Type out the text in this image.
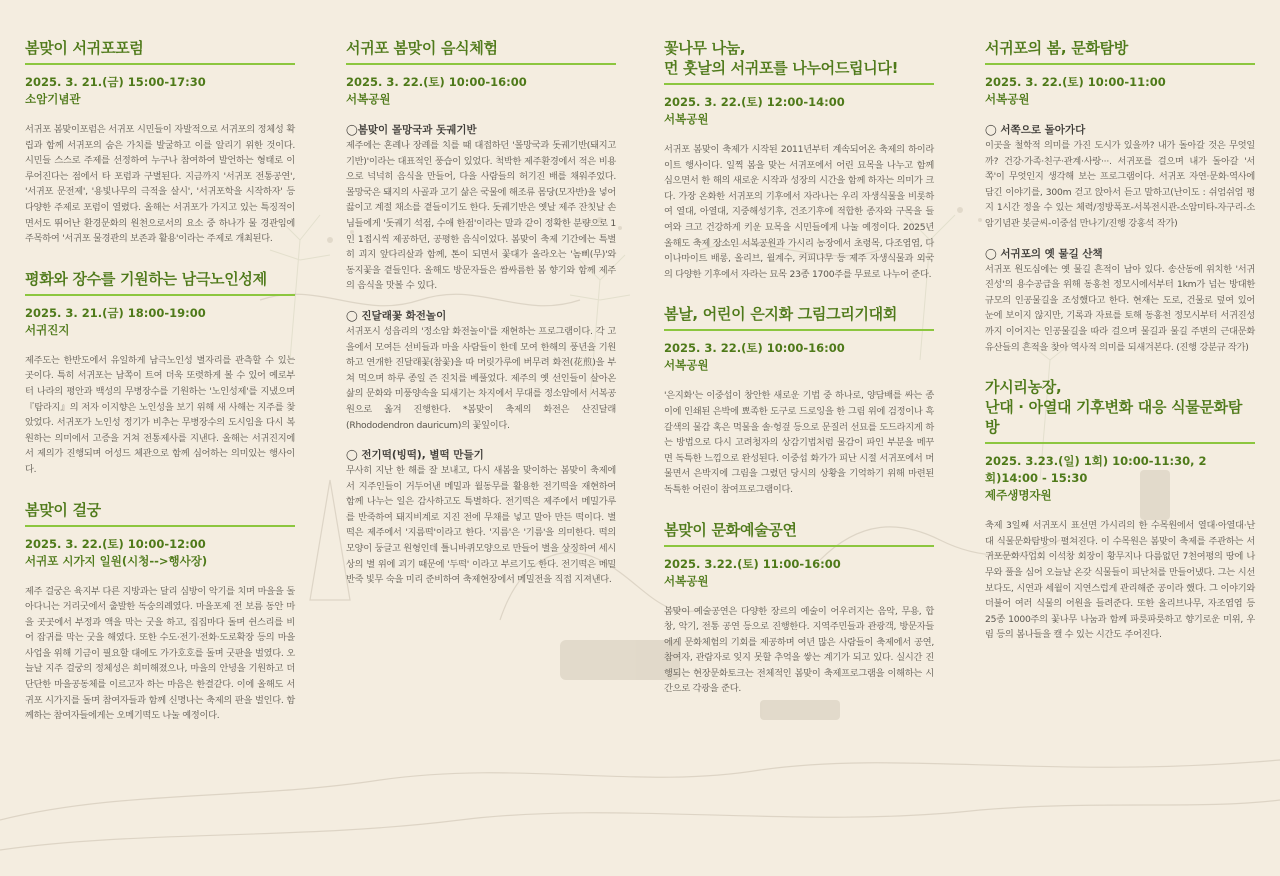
봄맞이 서귀포포럼
2025. 3. 21.(금) 15:00-17:30
소암기념관
서귀포 봄맞이포럼은 서귀포 시민들이 자발적으로 서귀포의 정체성 확립과 함께 서귀포의 숨은 가치를 발굴하고 이를 알리기 위한 것이다. 시민들 스스로 주제를 선정하여 누구나 참여하여 발언하는 형태로 이루어진다는 점에서 타 포럼과 구별된다. 지금까지 '서귀포 전통공연', '서귀포 문전제', '용빛나무의 극적을 살시', '서귀포학을 시작하자' 등 다양한 주제로 포럼이 열렸다. 올해는 서귀포가 가지고 있는 특징적이면서도 뛰어난 환경문화의 원천으로서의 요소 중 하나가 물 경관임에 주목하여 '서귀포 물경관의 보존과 활용'이라는 주제로 개최된다.
평화와 장수를 기원하는 남극노인성제
2025. 3. 21.(금) 18:00-19:00
서귀진지
제주도는 한반도에서 유일하게 남극노인성 별자리를 관측할 수 있는 곳이다. 특히 서귀포는 남쪽이 트여 더욱 또렷하게 볼 수 있어 예로부터 나라의 평안과 백성의 무병장수를 기원하는 '노인성제'를 지냈으며 『탐라지』의 저자 이지향은 노인성을 보기 위해 새 사해는 지주를 찾았었다. 서귀포가 노인성 정기가 비추는 무병장수의 도시임을 다시 복원하는 의미에서 고증을 거쳐 전통제사를 지낸다. 올해는 서귀진지에서 제의가 진행되며 어성드 체관으로 함께 심어하는 의미있는 행사이다.
봄맞이 걸궁
2025. 3. 22.(토) 10:00-12:00
서귀포 시가지 일원(시청-->행사장)
제주 걸궁은 육지부 다른 지방과는 달리 심방이 악기를 치며 마을을 돌아다니는 거리굿에서 출발한 독숭의례였다. 마을포제 전 보름 동안 마을 곳곳에서 부정과 액을 막는 굿을 하고, 집집마다 돌며 쉰스리를 비어 잡귀를 막는 굿을 해였다. 또한 수도·전기·전화·도로확장 등의 마을사업을 위해 기금이 필요할 대에도 가가호호를 돌며 굿판을 벌였다. 오늘날 지주 걸궁의 정체성은 희미해졌으나, 마을의 안녕을 기원하고 더 단단한 마을공동체를 이르고자 하는 마음은 한결같다. 이에 올해도 서귀포 시가지를 돌며 참여자들과 함께 신명나는 축제의 판을 벌인다. 함께하는 참여자들에게는 오메기떡도 나눌 예정이다.
서귀포 봄맞이 음식체험
2025. 3. 22.(토) 10:00-16:00
서복공원
◯봄맞이 몰망국과 돗궤기반
제주에는 혼례나 장례를 치를 때 대접하던 '몰망국과 돗궤기반(돼지고기반)'이라는 대표적인 풍습이 있었다. 척박한 제주환경에서 적은 비용으로 넉넉히 음식을 만들어, 다을 사람들의 허기진 배를 채워주었다. 몰망국은 돼지의 사골과 고기 삶은 국물에 해조류 몸당(모자반)을 넣어 끓이고 계절 채소를 곁들이기도 한다. 돗궤기반은 옛날 제주 잔칫날 손님들에게 '돗궤기 석점, 수애 한점'이라는 말과 같이 정확한 분량으로 1인 1접시씩 제공하던, 공평한 음식이었다. 봄맞이 축제 기간에는 특별히 괴지 앞다리살과 함께, 톤이 되면서 꽃대가 올라오는 '놈삐(무)'와 동지꽃을 곁들인다. 올해도 방문자들은 쌈싸름한 봄 향기와 함께 제주의 음식을 맛볼 수 있다.
◯ 진달래꽃 화전놀이
서귀포시 성읍리의 '정소암 화전놀이'를 재현하는 프로그램이다. 각 고을에서 모여든 선비들과 마을 사람들이 한데 모여 한해의 풍년을 기원하고 연개한 진달래꽃(참꽃)을 따 머릿가루에 버무려 화전(花煎)을 부쳐 먹으며 하루 종일 즌 진치를 베풀었다. 제주의 옛 선인들이 살아온 삶의 문화와 미풍양속을 되새기는 차지에서 무대를 정소암에서 서복공원으로 옮겨 진행한다. *봄맞이 축제의 화전은 산진달래(Rhododendron dauricum)의 꽃잎이다.
◯ 전기떡(빙떡), 별떡 만들기
무사히 지난 한 해를 잘 보내고, 다시 새봄을 맞이하는 봄맞이 축제에서 지주인들이 거두어낸 메밀과 월동무를 활용한 전기떡을 재현하여 함께 나누는 일은 감사하고도 특별하다. 전기떡은 제주에서 메밀가루를 반죽하여 돼지비계로 지진 전에 무채를 넣고 말아 만든 떡이다. 별떡은 제주에서 '지름떡'이라고 한다. '지름'은 '기름'을 의미한다. 떡의 모양이 둥글고 원형인데 틀니바퀴모양으로 만들어 별을 상징하여 세시상의 별 위에 괴기 때문에 '두떡' 이라고 부르기도 한다. 전기떡은 메밀반죽 빛무 숙을 미리 준비하여 축제현장에서 메밀전을 직접 지져낸다.
꽃나무 나눔,
먼 훗날의 서귀포를 나누어드립니다!
2025. 3. 22.(토) 12:00-14:00
서복공원
서귀포 봄맞이 축제가 시작된 2011년부터 계속되어온 축제의 하이라이트 행사이다. 일찍 봄을 맞는 서귀포에서 어린 묘목을 나누고 함께 심으면서 한 해의 새로운 시작과 성장의 시간을 함께 하자는 의미가 크다. 가장 온화한 서귀포의 기후에서 자라나는 우리 자생식물을 비롯하여 열대, 아열대, 지중해성기후, 건조기후에 적합한 종자와 구목을 들여와 크고 건강하게 키운 묘목을 시민들에게 나눌 예정이다. 2025년 올해도 축제 장소인 서복공원과 가시리 농장에서 초령목, 다조엽엽, 다이나마이트 배롱, 올리브, 월계수, 커피나무 등 제주 자생식물과 외국의 다양한 기후에서 자라는 묘목 23종 1700주를 무료로 나누어 준다.
봄날, 어린이 은지화 그림그리기대회
2025. 3. 22.(토) 10:00-16:00
서복공원
'은지화'는 이중섭이 창안한 새로운 기법 중 하나로, 양담배를 싸는 종이에 인쇄된 은박에 뾰족한 도구로 드로잉을 한 그림 위에 검정이나 흑갈색의 물감 혹은 먹물을 솔·헝겊 등으로 문질러 선묘를 도드라지게 하는 방법으로 다시 고려청자의 상감기법처럼 물감이 파인 부분을 메꾸면 독특한 느낌으로 완성된다. 이중섭 화가가 피난 시절 서귀포에서 머물면서 은박지에 그림을 그렸던 당시의 상황을 기억하기 위해 마련된 독특한 어린이 참여프로그램이다.
봄맞이 문화예술공연
2025. 3.22.(토) 11:00-16:00
서복공원
봄맞이 예술공연은 다양한 장르의 예술이 어우러지는 음악, 무용, 합창, 악기, 전통 공연 등으로 진행한다. 지역주민들과 관광객, 방문자들에게 문화체험의 기회를 제공하며 여년 많은 사람들이 축제에서 공연, 참여자, 관람자로 잊지 못할 추억을 쌓는 계기가 되고 있다. 실시간 진행되는 현장문화토크는 전체적인 봄맞이 축제프로그램을 이해하는 시간으로 각광을 준다.
서귀포의 봄, 문화탐방
2025. 3. 22.(토) 10:00-11:00
서복공원
◯ 서쪽으로 돌아가다
이곳을 철학적 의미를 가진 도시가 있을까? 내가 돌아갈 것은 무엇일까? 건강·가족·친구·관계·사랑···. 서귀포를 걸으며 내가 돌아갈 '서쪽'이 무엇인지 생각해 보는 프로그램이다. 서귀포 자연·문화·역사에 담긴 이야기를, 300m 걷고 앉아서 듣고 말하고(난이도 : 쉬엄쉬엄 평지 1시간 정을 수 있는 체력/정방폭포-서복전시관-소암미타-자구리-소암기념관 봇글씨-이중섭 만나기/진행 강홍석 작가)
◯ 서귀포의 옛 물길 산책
서귀포 원도심에는 옛 물길 흔적이 남아 있다. 송산동에 위치한 '서귀진성'의 용수공급을 위해 동홍천 정모시에서부터 1km가 넘는 방대한 규모의 인공물길을 조성했다고 한다. 현재는 도로, 건물로 덮여 있어 눈에 보이지 않지만, 기록과 자료를 토해 동홍천 정모시부터 서귀진성까지 이어지는 인공물길을 따라 걸으며 물길과 물길 주변의 근대문화유산들의 흔적을 찾아 역사적 의미를 되새겨본다. (진행 강분규 작가)
가시리농장,
난대 · 아열대 기후변화 대응 식물문화탐방
2025. 3.23.(일) 1회) 10:00-11:30, 2회)14:00 - 15:30
제주생명자원
축제 3일째 서귀포시 표선면 가시리의 한 수목원에서 열대·아열대·난대 식물문화탐방이 펼쳐진다. 이 수목원은 봄맞이 축제를 주관하는 서귀포문화사업회 이석창 회장이 황무지나 다름없던 7천여평의 땅에 나무와 풀을 심어 오늘날 온갖 식물들이 피난처를 만들어냈다. 그는 시선보다도, 시연과 세월이 지연스럽게 관리해준 공이라 했다. 그 이야기와 더불어 여러 식물의 어원을 들려준다. 또한 올리브나무, 자조엽엽 등 25종 1000주의 꽃나무 나눔과 함께 파릇파릇하고 향기로운 미위, 우림 등의 봄나들을 캘 수 있는 시간도 주어진다.
